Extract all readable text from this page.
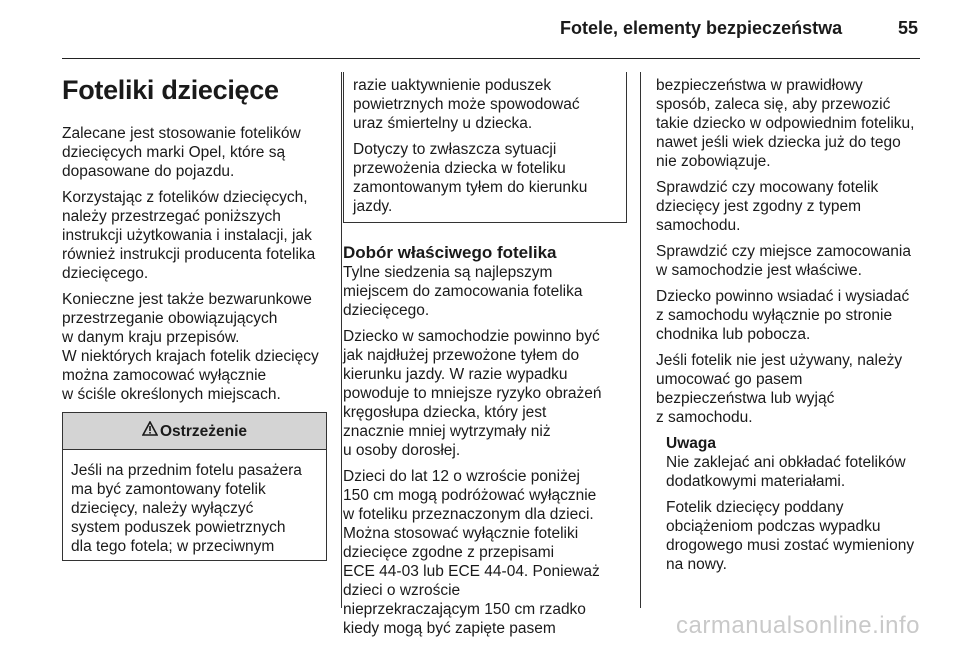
Fotele, elementy bezpieczeństwa	55
Foteliki dziecięce

Zalecane jest stosowanie fotelików
dziecięcych marki Opel, które są
dopasowane do pojazdu.

Korzystając z fotelików dziecięcych,
należy przestrzegać poniższych
instrukcji użytkowania i instalacji, jak
również instrukcji producenta fotelika
dziecięcego.

Konieczne jest także bezwarunkowe
przestrzeganie obowiązujących
w danym kraju przepisów.
W niektórych krajach fotelik dziecięcy
można zamocować wyłącznie
w ściśle określonych miejscach.

Ostrzeżenie
Jeśli na przednim fotelu pasażera
ma być zamontowany fotelik
dziecięcy, należy wyłączyć
system poduszek powietrznych
dla tego fotela; w przeciwnym

razie uaktywnienie poduszek
powietrznych może spowodować
uraz śmiertelny u dziecka.

Dotyczy to zwłaszcza sytuacji
przewożenia dziecka w foteliku
zamontowanym tyłem do kierunku
jazdy.

Dobór właściwego fotelika

Tylne siedzenia są najlepszym
miejscem do zamocowania fotelika
dziecięcego.

Dziecko w samochodzie powinno być
jak najdłużej przewożone tyłem do
kierunku jazdy. W razie wypadku
powoduje to mniejsze ryzyko obrażeń
kręgosłupa dziecka, który jest
znacznie mniej wytrzymały niż
u osoby dorosłej.

Dzieci do lat 12 o wzroście poniżej
150 cm mogą podróżować wyłącznie
w foteliku przeznaczonym dla dzieci.
Można stosować wyłącznie foteliki
dziecięce zgodne z przepisami
ECE 44-03 lub ECE 44-04. Ponieważ
dzieci o wzroście
nieprzekraczającym 150 cm rzadko
kiedy mogą być zapięte pasem

bezpieczeństwa w prawidłowy
sposób, zaleca się, aby przewozić
takie dziecko w odpowiednim foteliku,
nawet jeśli wiek dziecka już do tego
nie zobowiązuje.

Sprawdzić czy mocowany fotelik
dziecięcy jest zgodny z typem
samochodu.

Sprawdzić czy miejsce zamocowania
w samochodzie jest właściwe.

Dziecko powinno wsiadać i wysiadać
z samochodu wyłącznie po stronie
chodnika lub pobocza.

Jeśli fotelik nie jest używany, należy
umocować go pasem
bezpieczeństwa lub wyjąć
z samochodu.

Uwaga

Nie zaklejać ani obkładać fotelików
dodatkowymi materiałami.

Fotelik dziecięcy poddany
obciążeniom podczas wypadku
drogowego musi zostać wymieniony
na nowy.

carmanualsonline.info
